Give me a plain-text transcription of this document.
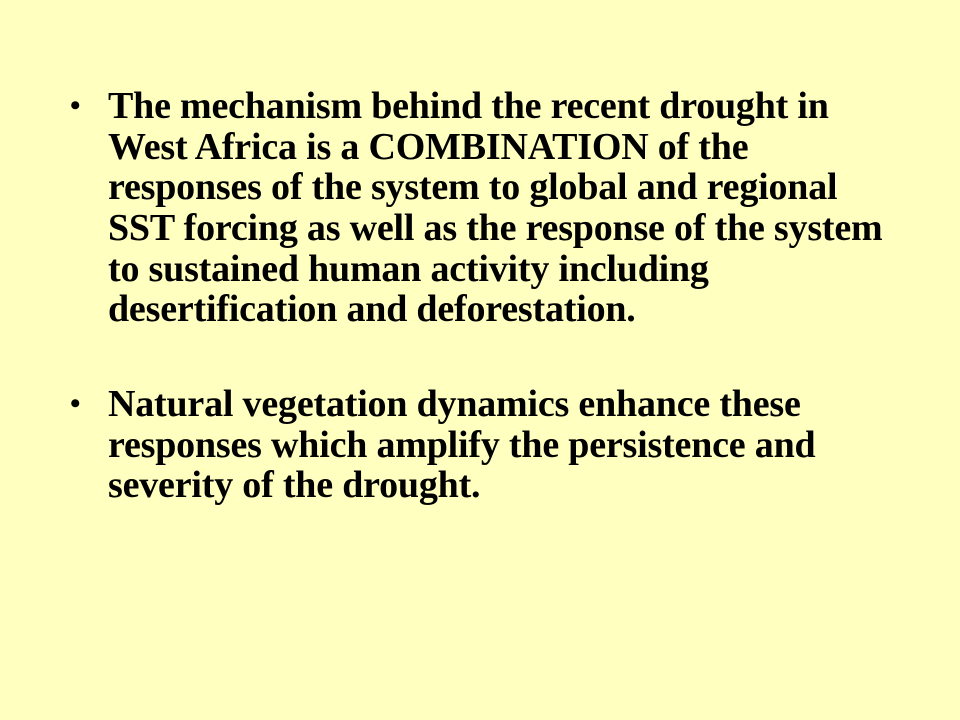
• The mechanism behind the recent drought in West Africa is a COMBINATION of the responses of the system to global and regional SST forcing as well as the response of the system to sustained human activity including desertification and deforestation.
• Natural vegetation dynamics enhance these responses which amplify the persistence and severity of the drought.
